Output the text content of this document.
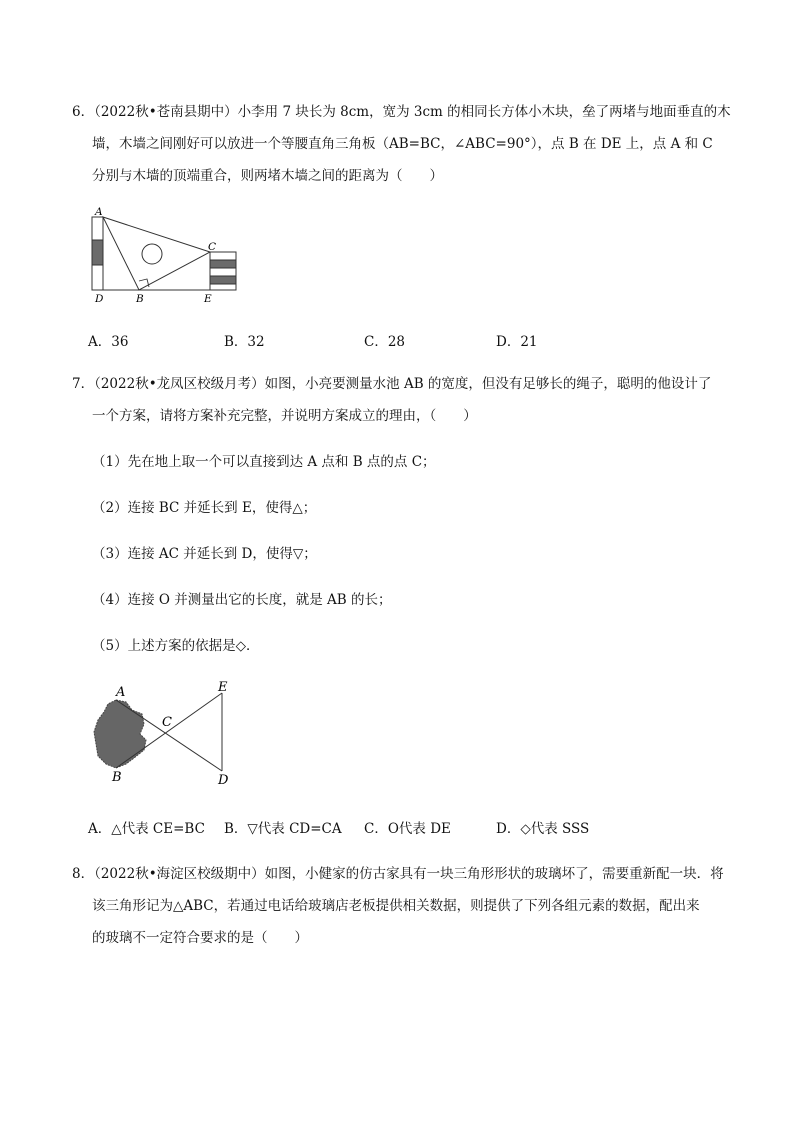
6．（2022秋•苍南县期中）小李用 7 块长为 8cm，宽为 3cm 的相同长方体小木块，垒了两堵与地面垂直的木
墙，木墙之间刚好可以放进一个等腰直角三角板（AB=BC，∠ABC=90°），点 B 在 DE 上，点 A 和 C
分别与木墙的顶端重合，则两堵木墙之间的距离为（　　）
A
C
D	B	E
A．36	B．32	C．28	D．21
7．（2022秋•龙凤区校级月考）如图，小亮要测量水池 AB 的宽度，但没有足够长的绳子，聪明的他设计了
一个方案，请将方案补充完整，并说明方案成立的理由，（　　）
（1）先在地上取一个可以直接到达 A 点和 B 点的点 C；
（2）连接 BC 并延长到 E，使得△；
（3）连接 AC 并延长到 D，使得▽；
（4）连接 O 并测量出它的长度，就是 AB 的长；
（5）上述方案的依据是◇．
A
B
C
D
E
A．△代表 CE=BC B．▽代表 CD=CA C．O代表 DE	D．◇代表 SSS
8．（2022秋•海淀区校级期中）如图，小健家的仿古家具有一块三角形形状的玻璃坏了，需要重新配一块．将
该三角形记为△ABC，若通过电话给玻璃店老板提供相关数据，则提供了下列各组元素的数据，配出来
的玻璃不一定符合要求的是（　　）
